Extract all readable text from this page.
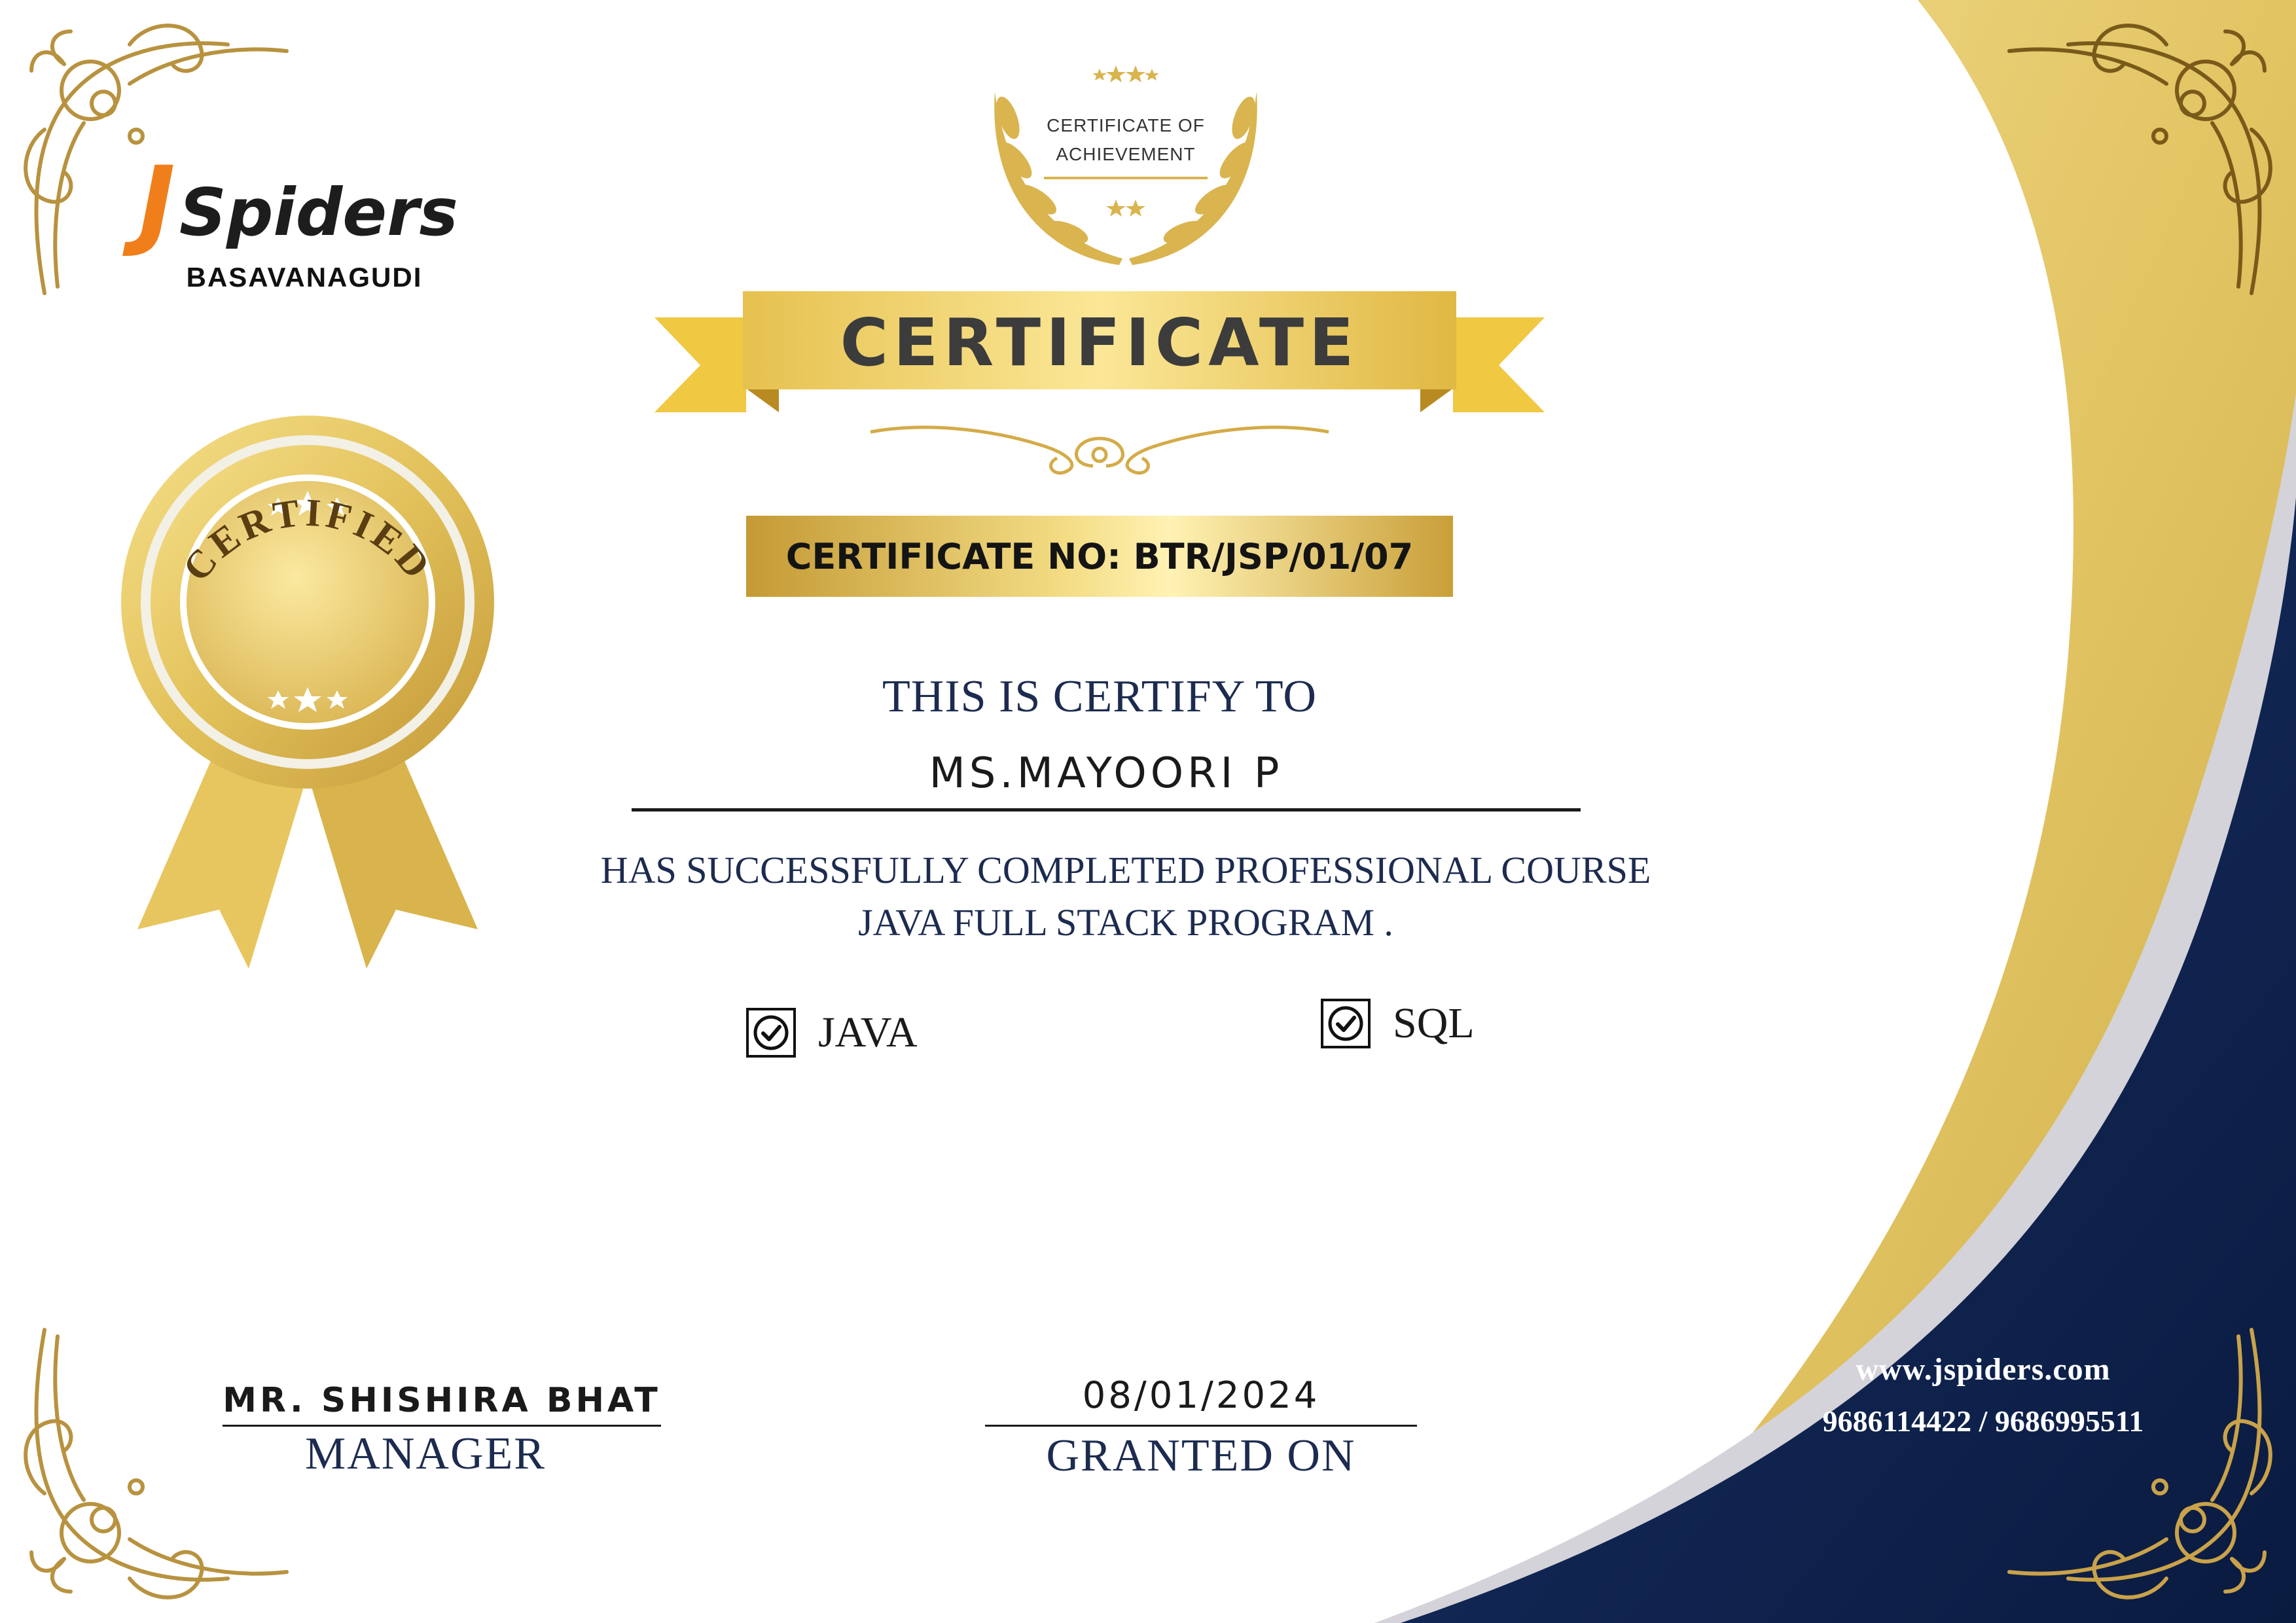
J Spiders
BASAVANAGUDI
CERTIFICATE OF
ACHIEVEMENT
CERTIFICATE
CERTIFICATE NO: BTR/JSP/01/07
CERTIFIED
THIS IS CERTIFY TO
MS.MAYOORI P
HAS SUCCESSFULLY COMPLETED PROFESSIONAL COURSE
JAVA FULL STACK PROGRAM .
JAVA	SQL
MR. SHISHIRA BHAT
MANAGER
08/01/2024
GRANTED ON
www.jspiders.com
9686114422 / 9686995511
